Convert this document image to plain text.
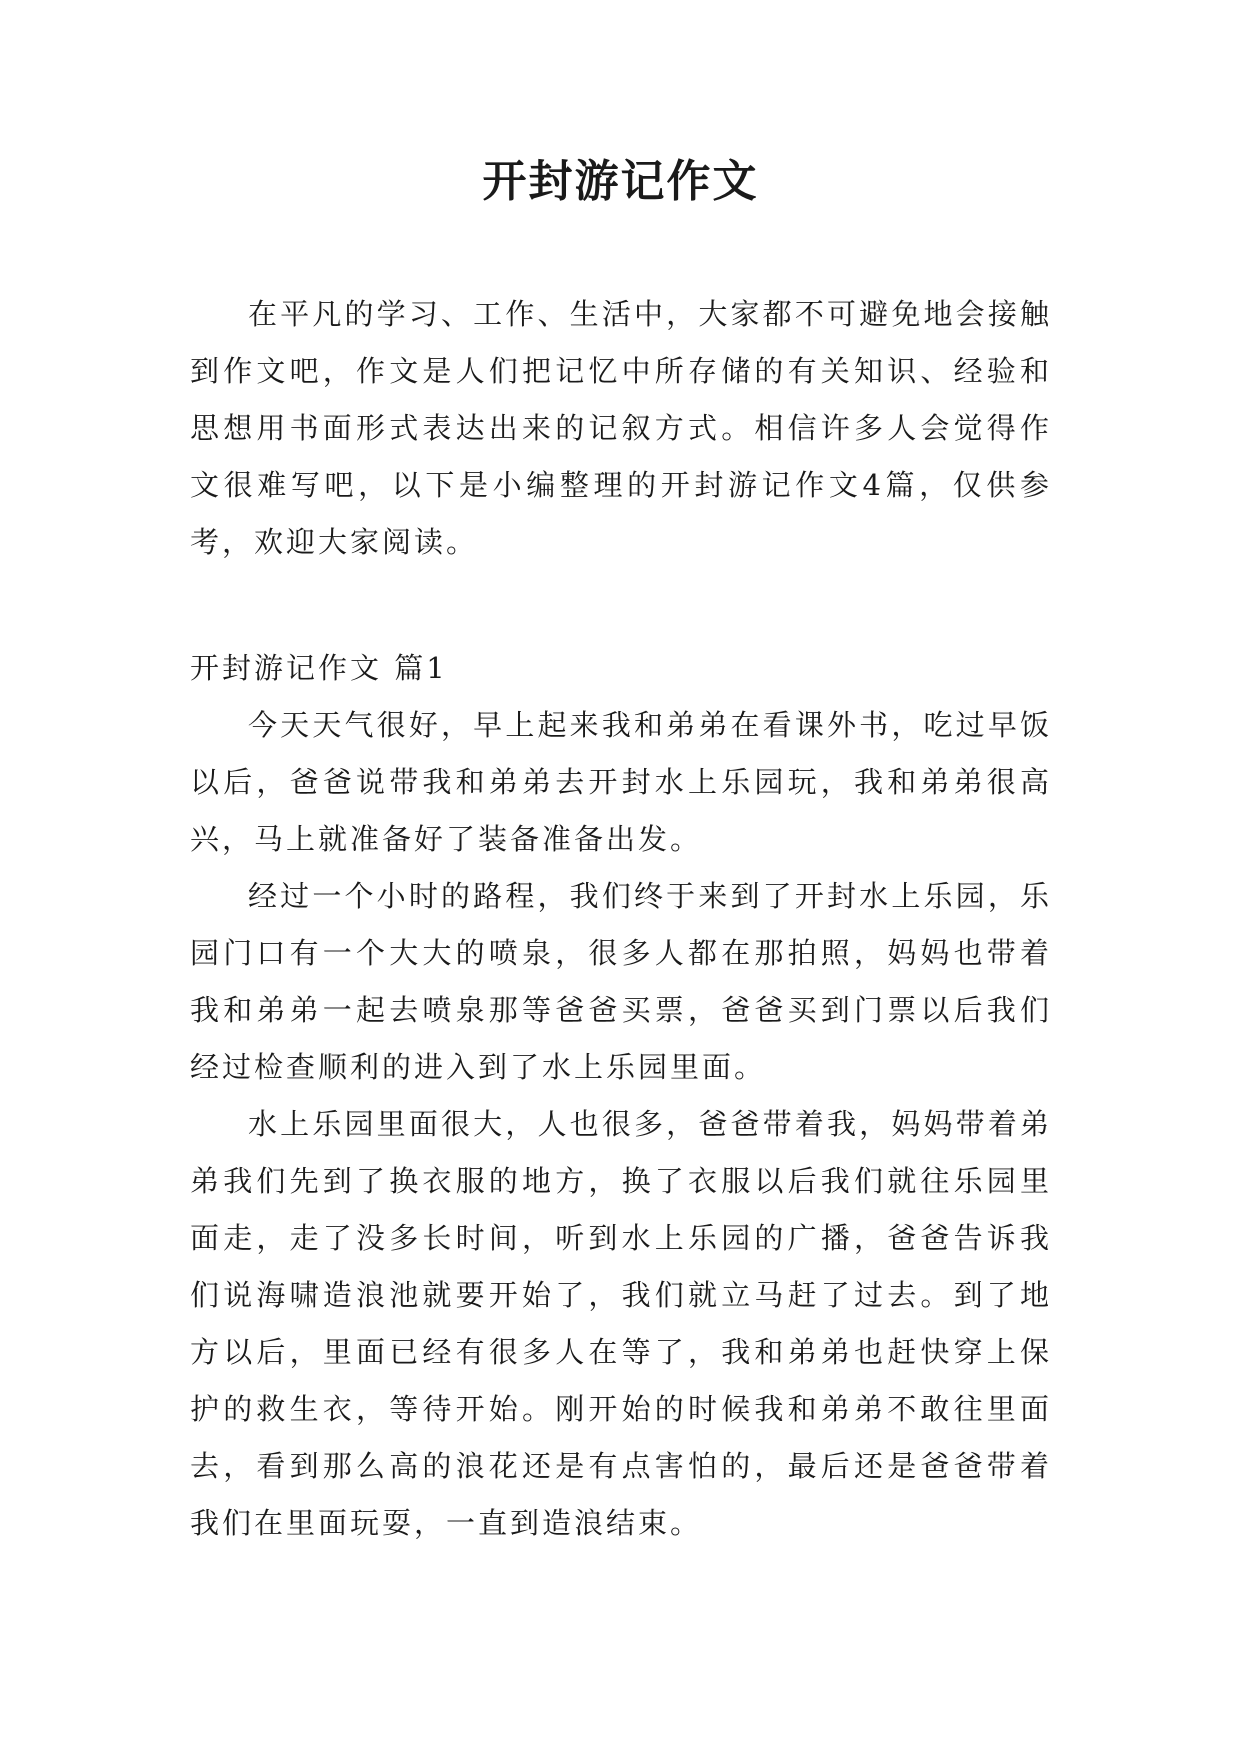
开封游记作文

在平凡的学习、工作、生活中，大家都不可避免地会接触到作文吧，作文是人们把记忆中所存储的有关知识、经验和思想用书面形式表达出来的记叙方式。相信许多人会觉得作文很难写吧，以下是小编整理的开封游记作文4篇，仅供参考，欢迎大家阅读。

开封游记作文 篇1

今天天气很好，早上起来我和弟弟在看课外书，吃过早饭以后，爸爸说带我和弟弟去开封水上乐园玩，我和弟弟很高兴，马上就准备好了装备准备出发。

经过一个小时的路程，我们终于来到了开封水上乐园，乐园门口有一个大大的喷泉，很多人都在那拍照，妈妈也带着我和弟弟一起去喷泉那等爸爸买票，爸爸买到门票以后我们经过检查顺利的进入到了水上乐园里面。

水上乐园里面很大，人也很多，爸爸带着我，妈妈带着弟弟我们先到了换衣服的地方，换了衣服以后我们就往乐园里面走，走了没多长时间，听到水上乐园的广播，爸爸告诉我们说海啸造浪池就要开始了，我们就立马赶了过去。到了地方以后，里面已经有很多人在等了，我和弟弟也赶快穿上保护的救生衣，等待开始。刚开始的时候我和弟弟不敢往里面去，看到那么高的浪花还是有点害怕的，最后还是爸爸带着我们在里面玩耍，一直到造浪结束。
